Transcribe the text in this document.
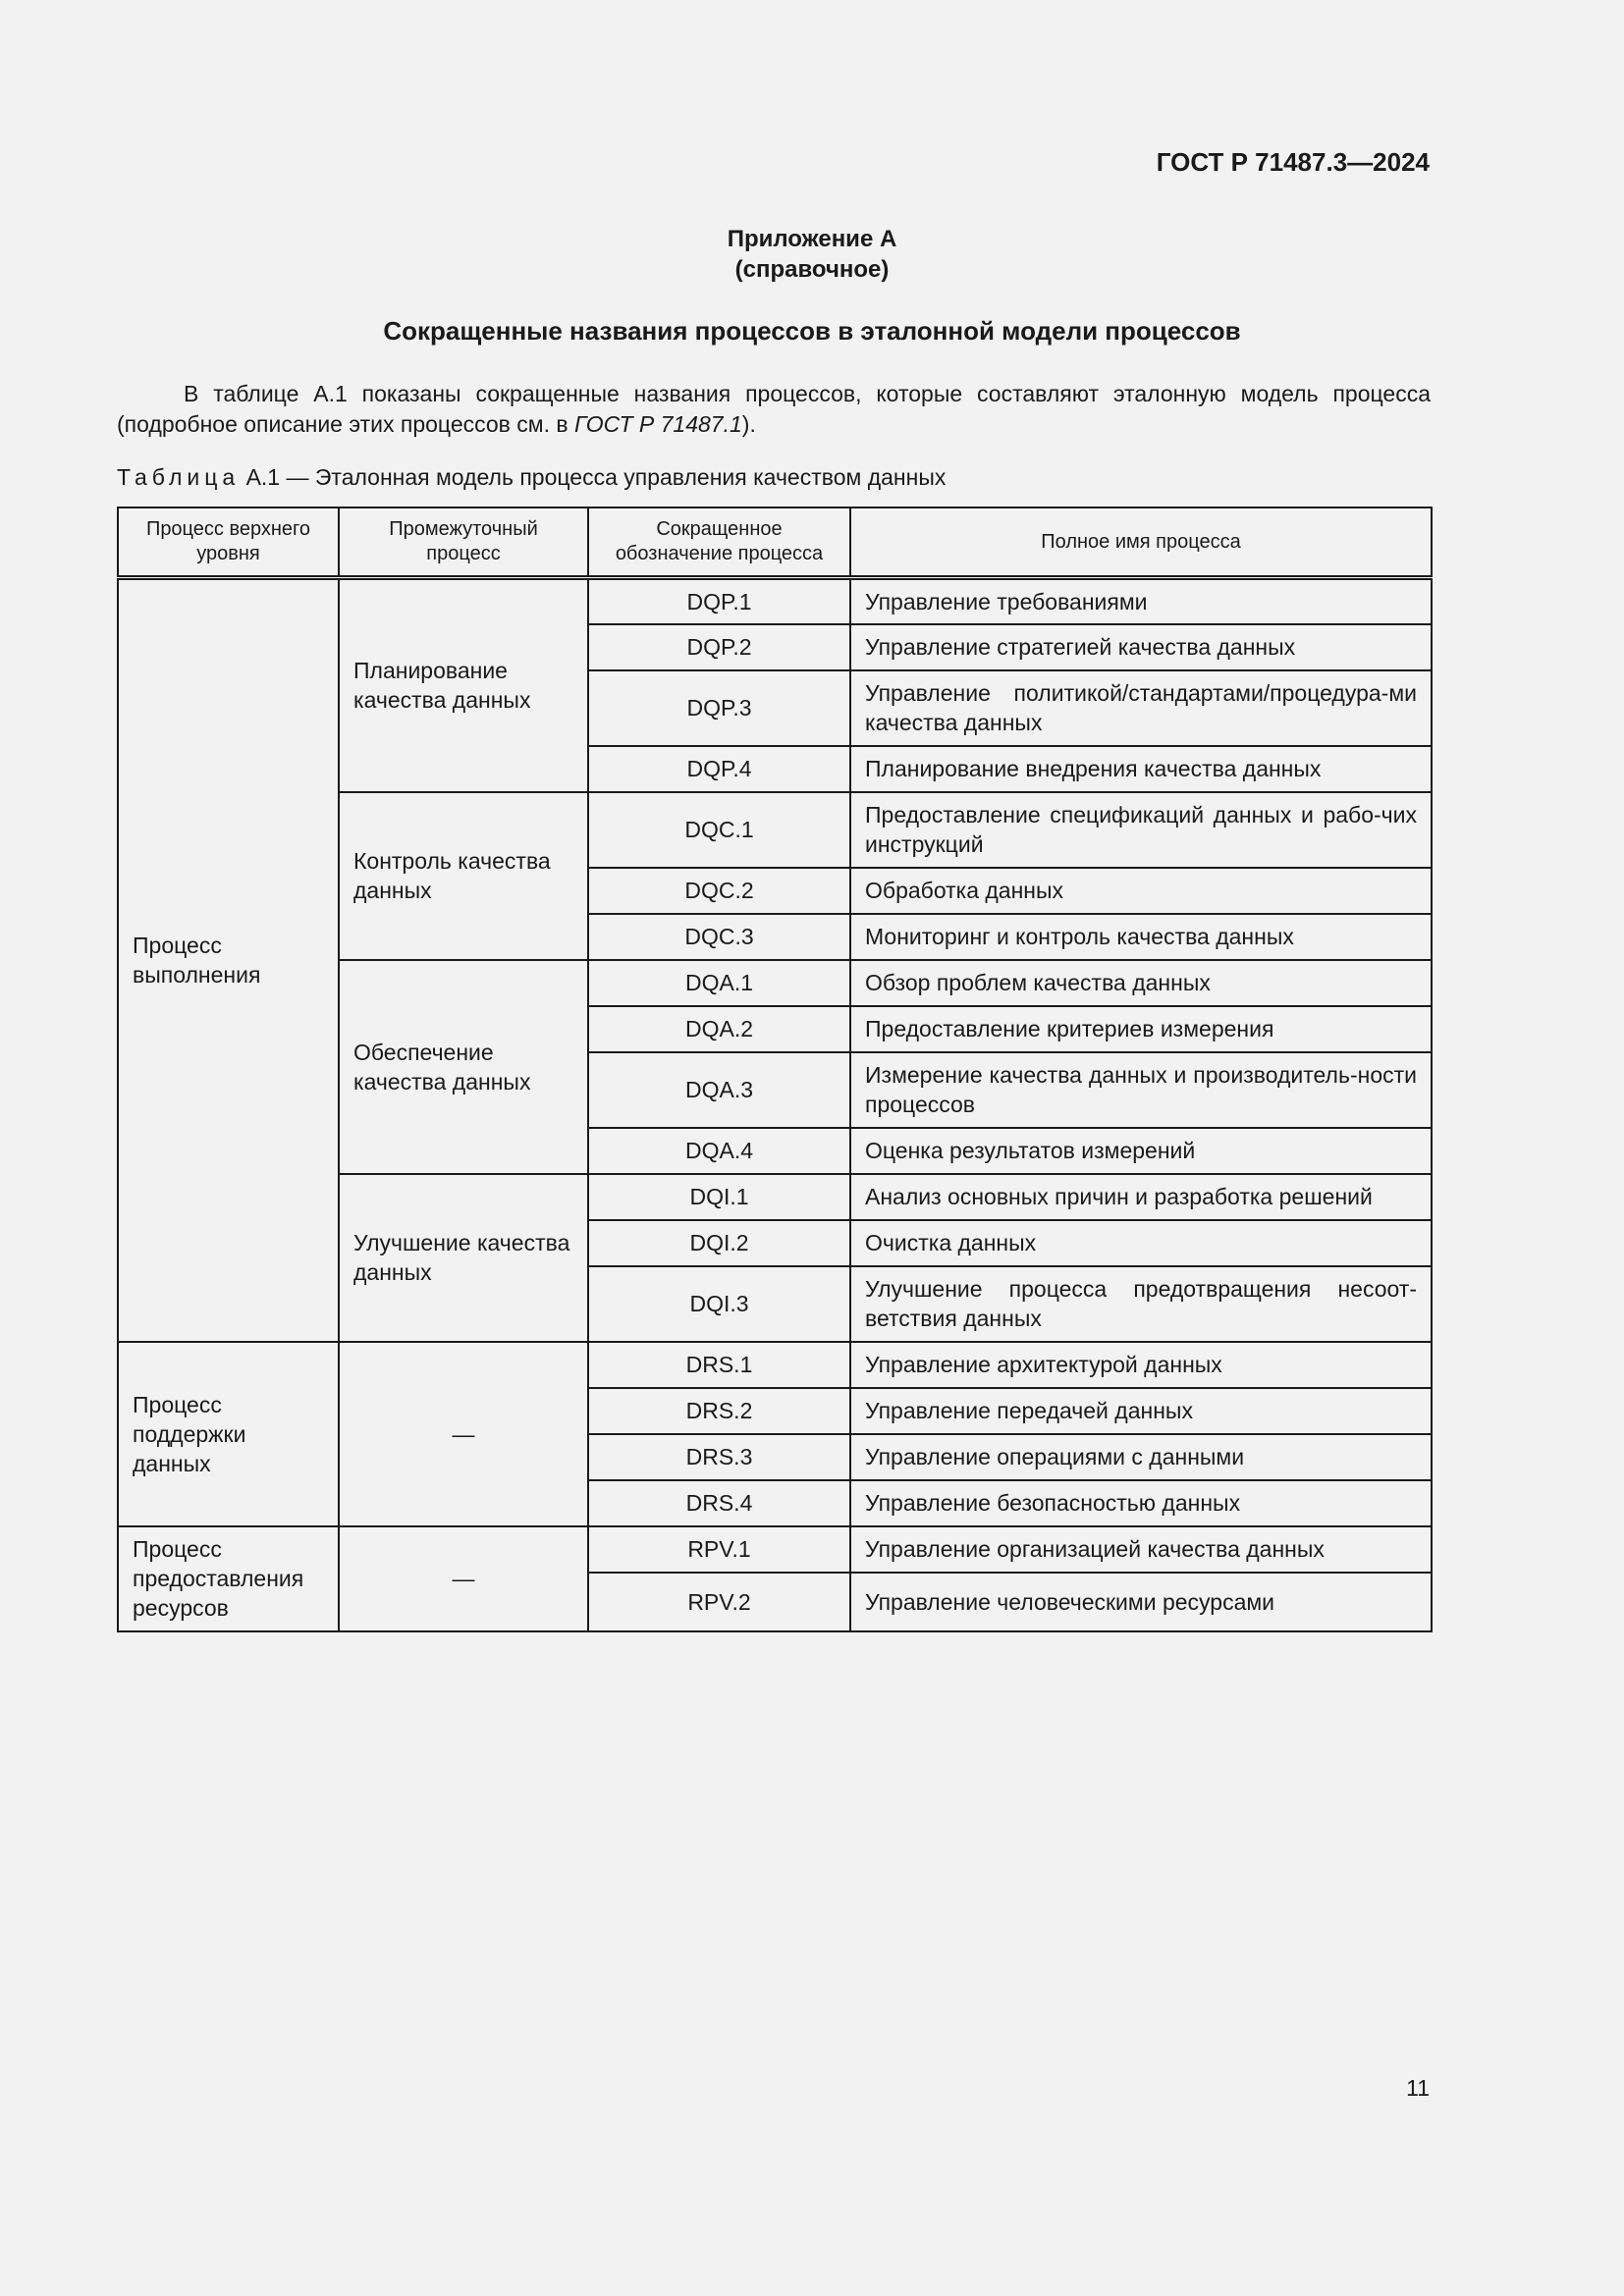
ГОСТ Р 71487.3—2024
Приложение А
(справочное)
Сокращенные названия процессов в эталонной модели процессов
В таблице А.1 показаны сокращенные названия процессов, которые составляют эталонную модель процесса (подробное описание этих процессов см. в ГОСТ Р 71487.1).
Таблица А.1 — Эталонная модель процесса управления качеством данных
Процесс верхнего уровня	Промежуточный процесс	Сокращенное обозначение процесса	Полное имя процесса
Процесс выполнения	Планирование качества данных	DQP.1	Управление требованиями
		DQP.2	Управление стратегией качества данных
		DQP.3	Управление политикой/стандартами/процедура-ми качества данных
		DQP.4	Планирование внедрения качества данных
	Контроль качества данных	DQC.1	Предоставление спецификаций данных и рабо-чих инструкций
		DQC.2	Обработка данных
		DQC.3	Мониторинг и контроль качества данных
	Обеспечение качества данных	DQA.1	Обзор проблем качества данных
		DQA.2	Предоставление критериев измерения
		DQA.3	Измерение качества данных и производитель-ности процессов
		DQA.4	Оценка результатов измерений
	Улучшение качества данных	DQI.1	Анализ основных причин и разработка решений
		DQI.2	Очистка данных
		DQI.3	Улучшение процесса предотвращения несоот-ветствия данных
Процесс поддержки данных	—	DRS.1	Управление архитектурой данных
		DRS.2	Управление передачей данных
		DRS.3	Управление операциями с данными
		DRS.4	Управление безопасностью данных
Процесс предоставления ресурсов	—	RPV.1	Управление организацией качества данных
		RPV.2	Управление человеческими ресурсами
11
